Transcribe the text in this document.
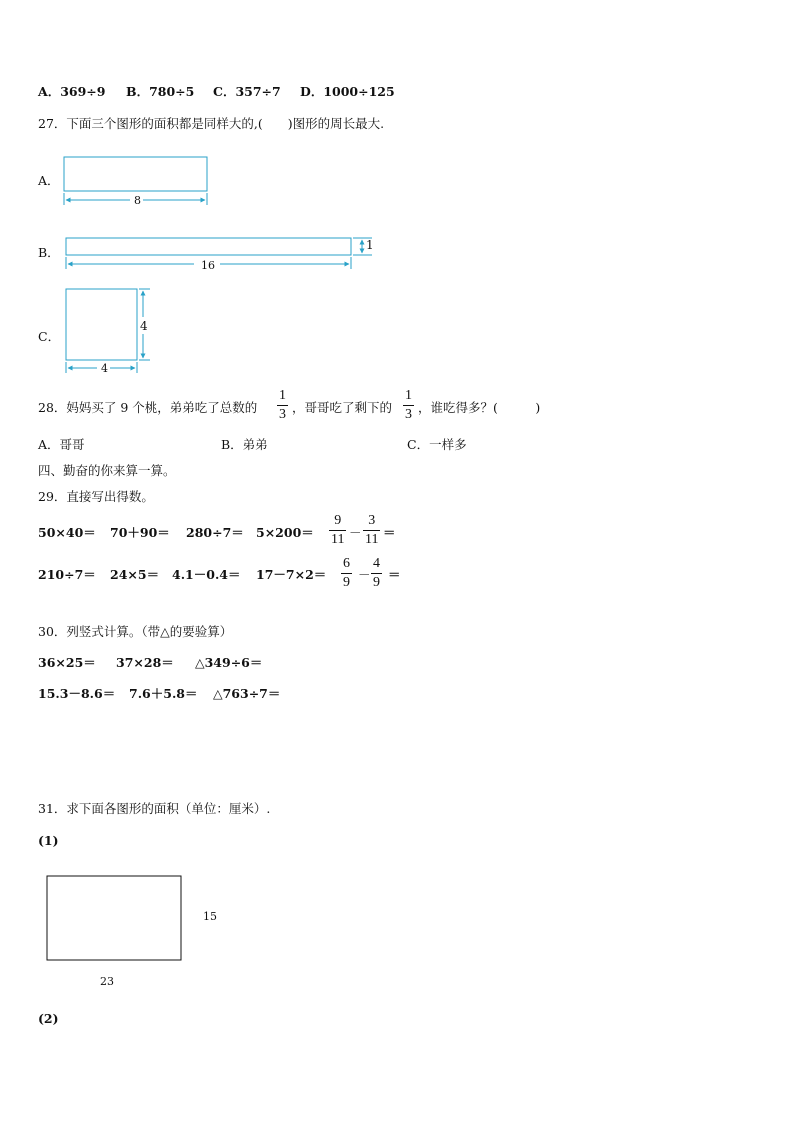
A．369÷9 B．780÷5 C．357÷7 D．1000÷125
27．下面三个图形的面积都是同样大的,(　　)图形的周长最大.
A．
B．
C．
8
1
16
4
4
28．妈妈买了 9 个桃，弟弟吃了总数的
1
3 ，哥哥吃了剩下的
1
3 ，谁吃得多？(　　　)
A．哥哥	B．弟弟	C．一样多
四、勤奋的你来算一算。
29．直接写出得数。
50×40＝ 70＋90＝ 280÷7＝ 5×200＝
9
11 －
3
11 ＝
210÷7＝ 24×5＝ 4.1－0.4＝ 17－7×2＝
6
9
－
4
9
＝
30．列竖式计算。（带△的要验算）
36×25＝ 37×28＝ △349÷6＝
15.3－8.6＝ 7.6＋5.8＝ △763÷7＝
31．求下面各图形的面积（单位：厘米）.
(1)
15
23
(2)
